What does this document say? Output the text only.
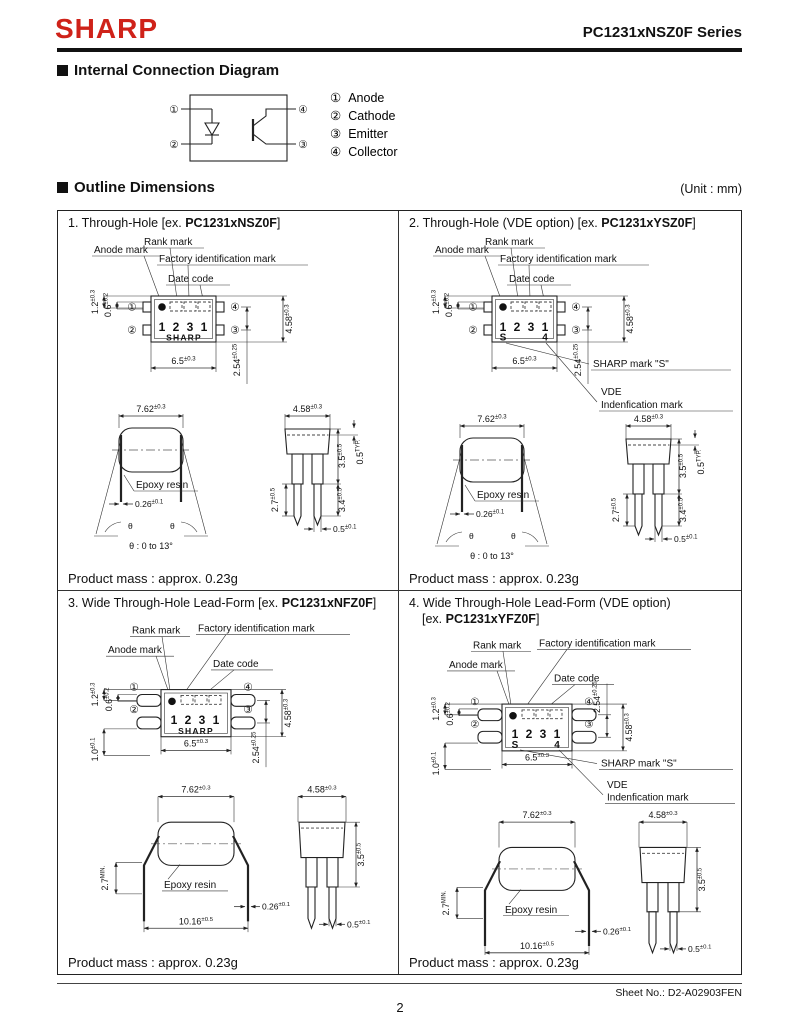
SHARP	PC1231xNSZ0F Series
Internal Connection Diagram
①
②
④
③
① Anode
② Cathode
③ Emitter
④ Collector
Outline Dimensions	(Unit : mm)
1. Through-Hole [ex. PC1231xNSZ0F]
Anode mark
Rank mark
Factory identification mark
Date code
1 2 3 1
SHARP
①
②
④
③
$1.2^{\pm 0.3}$
$0.6^{\pm 0.2}$
$4.58^{\pm 0.3}$
$2.54^{\pm 0.25}$
$6.5^{\pm 0.3}$
$7.62^{\pm 0.3}$
θ	θ
θ : 0 to 13°
Epoxy resin
$0.26^{\pm 0.1}$
$4.58^{\pm 0.3}$
$3.5^{\pm 0.5}$
$0.5^{TYP.}$
$3.4^{\pm 0.5}$
$2.7^{\pm 0.5}$
$0.5^{\pm 0.1}$
Product mass : approx. 0.23g
2. Through-Hole (VDE option) [ex. PC1231xYSZ0F]
Anode mark
Rank mark
Factory identification mark
Date code
1 2 3 1
S	4
①
②
④
③
$1.2^{\pm 0.3}$
$0.6^{\pm 0.2}$
$4.58^{\pm 0.3}$
$2.54^{\pm 0.25}$
$6.5^{\pm 0.3}$	SHARP mark "S"
VDE
Indenfication mark
$7.62^{\pm 0.3}$
θ	θ
θ : 0 to 13°
Epoxy resin
$0.26^{\pm 0.1}$
$4.58^{\pm 0.3}$
$3.5^{\pm 0.5}$
$0.5^{TYP.}$
$3.4^{\pm 0.5}$
$2.7^{\pm 0.5}$
$0.5^{\pm 0.1}$
Product mass : approx. 0.23g
3. Wide Through-Hole Lead-Form [ex. PC1231xNFZ0F]
Rank mark Factory identification mark
Anode mark
Date code
1 2 3 1
SHARP
①
②
④
③
$1.2^{\pm 0.3}$
$0.6^{\pm 0.2}$
$1.0^{\pm 0.1}$
$4.58^{\pm 0.3}$
$2.54^{\pm 0.25}$
$6.5^{\pm 0.3}$
$7.62^{\pm 0.3}$
$2.7^{MIN.}$
Epoxy resin
$0.26^{\pm 0.1}$
$10.16^{\pm 0.5}$
$4.58^{\pm 0.3}$
$3.5^{\pm 0.5}$
$0.5^{\pm 0.1}$
Product mass : approx. 0.23g
4. Wide Through-Hole Lead-Form (VDE option)
[ex. PC1231xYFZ0F]
Rank mark Factory identification mark
Anode mark
Date code
1 2 3 1
S	4
①
②
④
③
$1.2^{\pm 0.3}$
$0.6^{\pm 0.2}$
$1.0^{\pm 0.1}$
$4.58^{\pm 0.3}$
$2.54^{\pm 0.25}$
$6.5^{\pm 0.3}$
SHARP mark "S"
VDE
Indenfication mark
$7.62^{\pm 0.3}$
$2.7^{MIN.}$
Epoxy resin
$0.26^{\pm 0.1}$
$10.16^{\pm 0.5}$
$4.58^{\pm 0.3}$
$3.5^{\pm 0.5}$
$0.5^{\pm 0.1}$
Product mass : approx. 0.23g
Sheet No.: D2-A02903FEN
2
